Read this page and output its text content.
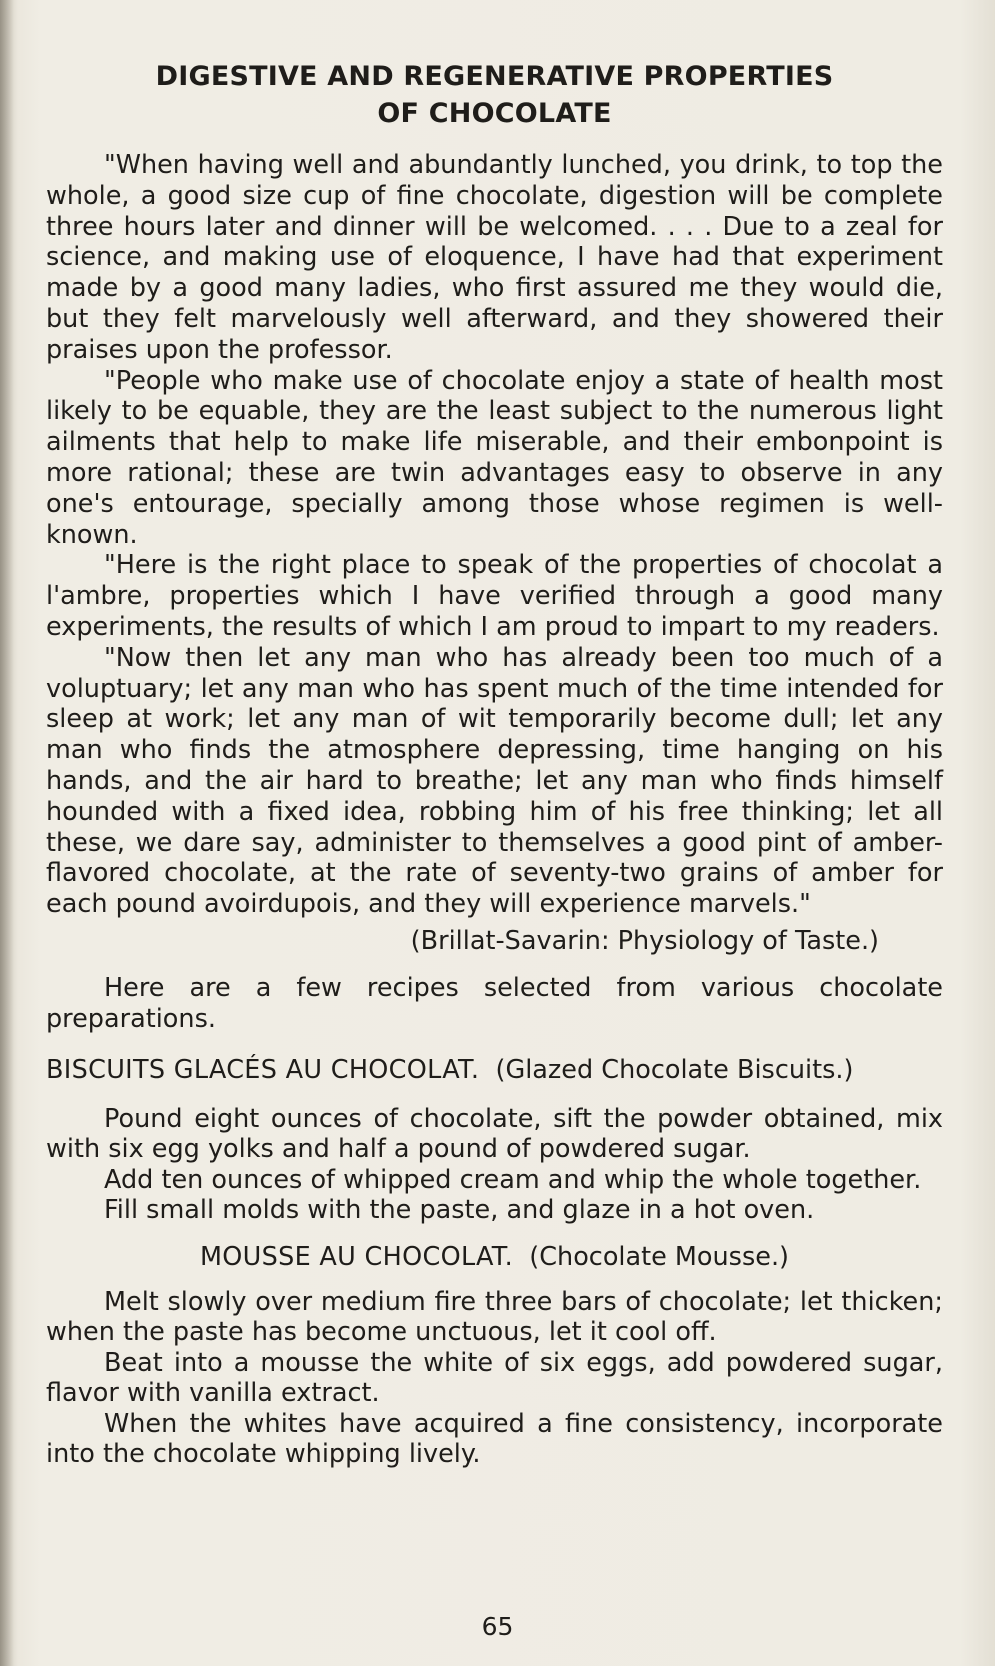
DIGESTIVE AND REGENERATIVE PROPERTIES
OF CHOCOLATE

"When having well and abundantly lunched, you drink, to top the whole, a good size cup of fine chocolate, digestion will be complete three hours later and dinner will be welcomed. . . . Due to a zeal for science, and making use of eloquence, I have had that experiment made by a good many ladies, who first assured me they would die, but they felt marvelously well afterward, and they showered their praises upon the professor.

"People who make use of chocolate enjoy a state of health most likely to be equable, they are the least subject to the numerous light ailments that help to make life miserable, and their embonpoint is more rational; these are twin advantages easy to observe in any one's entourage, specially among those whose regimen is well-known.

"Here is the right place to speak of the properties of chocolat a l'ambre, properties which I have verified through a good many experiments, the results of which I am proud to impart to my readers.

"Now then let any man who has already been too much of a voluptuary; let any man who has spent much of the time intended for sleep at work; let any man of wit temporarily become dull; let any man who finds the atmosphere depressing, time hanging on his hands, and the air hard to breathe; let any man who finds himself hounded with a fixed idea, robbing him of his free thinking; let all these, we dare say, administer to themselves a good pint of amber-flavored chocolate, at the rate of seventy-two grains of amber for each pound avoirdupois, and they will experience marvels."

(Brillat-Savarin: Physiology of Taste.)

Here are a few recipes selected from various chocolate preparations.

BISCUITS GLACÉS AU CHOCOLAT. (Glazed Chocolate Biscuits.)

Pound eight ounces of chocolate, sift the powder obtained, mix with six egg yolks and half a pound of powdered sugar.

Add ten ounces of whipped cream and whip the whole together.

Fill small molds with the paste, and glaze in a hot oven.

MOUSSE AU CHOCOLAT. (Chocolate Mousse.)

Melt slowly over medium fire three bars of chocolate; let thicken; when the paste has become unctuous, let it cool off.

Beat into a mousse the white of six eggs, add powdered sugar, flavor with vanilla extract.

When the whites have acquired a fine consistency, incorporate into the chocolate whipping lively.

65
